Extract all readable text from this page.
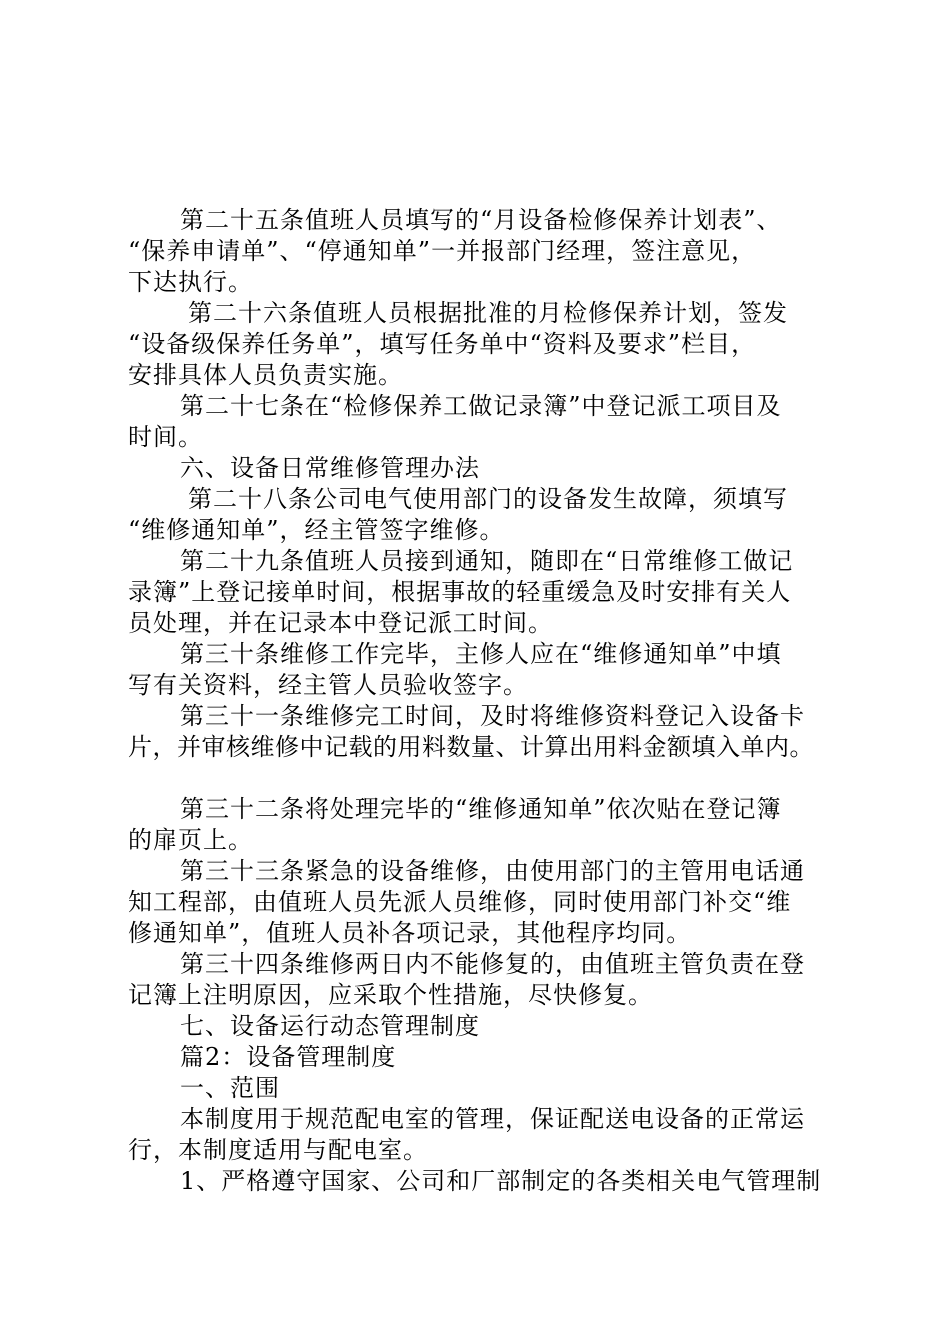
第二十五条值班人员填写的“月设备检修保养计划表”、
“保养申请单”、“停通知单”一并报部门经理，签注意见，
下达执行。
第二十六条值班人员根据批准的月检修保养计划，签发
“设备级保养任务单”，填写任务单中“资料及要求”栏目，
安排具体人员负责实施。
第二十七条在“检修保养工做记录簿”中登记派工项目及
时间。
六、设备日常维修管理办法
第二十八条公司电气使用部门的设备发生故障，须填写
“维修通知单”，经主管签字维修。
第二十九条值班人员接到通知，随即在“日常维修工做记
录簿”上登记接单时间，根据事故的轻重缓急及时安排有关人
员处理，并在记录本中登记派工时间。
第三十条维修工作完毕，主修人应在“维修通知单”中填
写有关资料，经主管人员验收签字。
第三十一条维修完工时间，及时将维修资料登记入设备卡
片，并审核维修中记载的用料数量、计算出用料金额填入单内。
第三十二条将处理完毕的“维修通知单”依次贴在登记簿
的扉页上。
第三十三条紧急的设备维修，由使用部门的主管用电话通
知工程部，由值班人员先派人员维修，同时使用部门补交“维
修通知单”，值班人员补各项记录，其他程序均同。
第三十四条维修两日内不能修复的，由值班主管负责在登
记簿上注明原因，应采取个性措施，尽快修复。
七、设备运行动态管理制度
篇2：设备管理制度
一、范围
本制度用于规范配电室的管理，保证配送电设备的正常运
行，本制度适用与配电室。
1、严格遵守国家、公司和厂部制定的各类相关电气管理制
